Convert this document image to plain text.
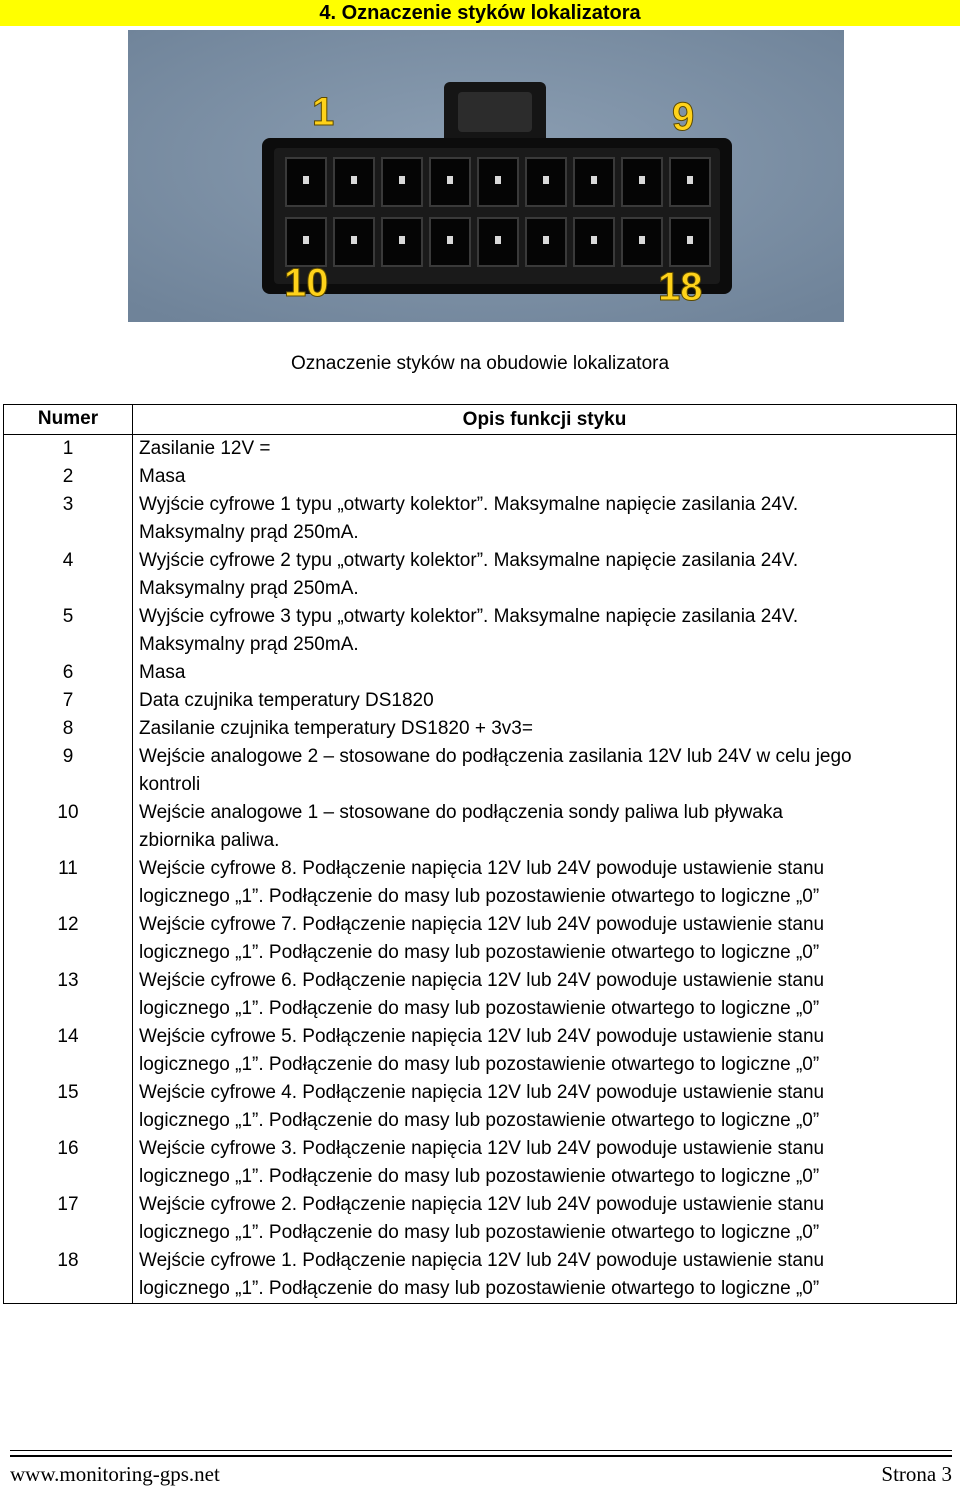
4. Oznaczenie styków lokalizatora
1	9
10	18
Oznaczenie styków na obudowie lokalizatora
Numer	Opis funkcji styku
1	Zasilanie 12V =

2	Masa

3	Wyjście cyfrowe 1 typu „otwarty kolektor”. Maksymalne napięcie zasilania 24V.
Maksymalny prąd 250mA.

4	Wyjście cyfrowe 2 typu „otwarty kolektor”. Maksymalne napięcie zasilania 24V.
Maksymalny prąd 250mA.

5	Wyjście cyfrowe 3 typu „otwarty kolektor”. Maksymalne napięcie zasilania 24V.
Maksymalny prąd 250mA.

6	Masa

7	Data czujnika temperatury DS1820

8	Zasilanie czujnika temperatury DS1820 + 3v3=

9	Wejście analogowe 2 – stosowane do podłączenia zasilania 12V lub 24V w celu jego
kontroli

10	Wejście analogowe 1 – stosowane do podłączenia sondy paliwa lub pływaka
zbiornika paliwa.

11	Wejście cyfrowe 8. Podłączenie napięcia 12V lub 24V powoduje ustawienie stanu
logicznego „1”. Podłączenie do masy lub pozostawienie otwartego to logiczne „0”

12	Wejście cyfrowe 7. Podłączenie napięcia 12V lub 24V powoduje ustawienie stanu
logicznego „1”. Podłączenie do masy lub pozostawienie otwartego to logiczne „0”

13	Wejście cyfrowe 6. Podłączenie napięcia 12V lub 24V powoduje ustawienie stanu
logicznego „1”. Podłączenie do masy lub pozostawienie otwartego to logiczne „0”

14	Wejście cyfrowe 5. Podłączenie napięcia 12V lub 24V powoduje ustawienie stanu
logicznego „1”. Podłączenie do masy lub pozostawienie otwartego to logiczne „0”

15	Wejście cyfrowe 4. Podłączenie napięcia 12V lub 24V powoduje ustawienie stanu
logicznego „1”. Podłączenie do masy lub pozostawienie otwartego to logiczne „0”

16	Wejście cyfrowe 3. Podłączenie napięcia 12V lub 24V powoduje ustawienie stanu
logicznego „1”. Podłączenie do masy lub pozostawienie otwartego to logiczne „0”

17	Wejście cyfrowe 2. Podłączenie napięcia 12V lub 24V powoduje ustawienie stanu
logicznego „1”. Podłączenie do masy lub pozostawienie otwartego to logiczne „0”

18	Wejście cyfrowe 1. Podłączenie napięcia 12V lub 24V powoduje ustawienie stanu
logicznego „1”. Podłączenie do masy lub pozostawienie otwartego to logiczne „0”
www.monitoring-gps.net	Strona 3
